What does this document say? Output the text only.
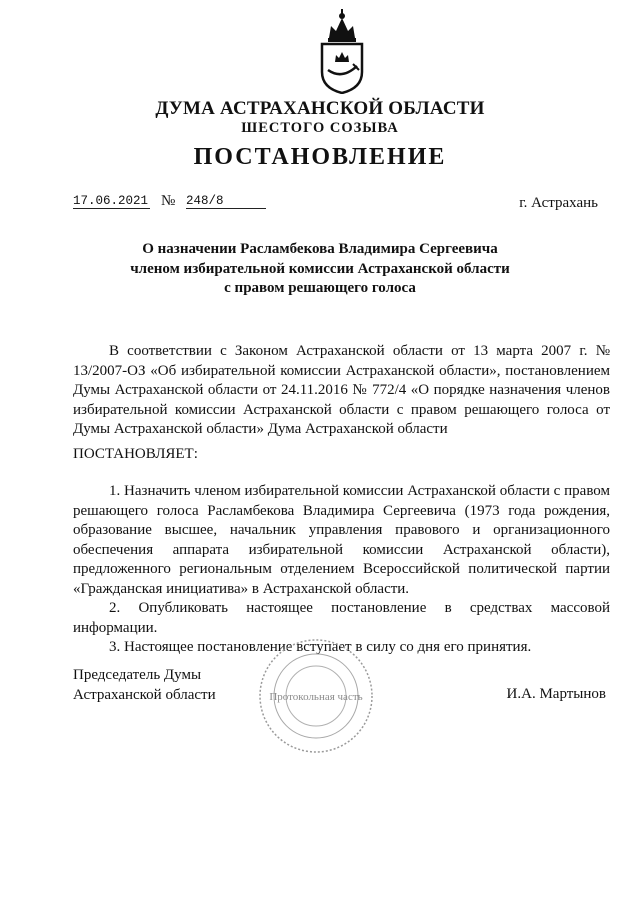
ДУМА АСТРАХАНСКОЙ ОБЛАСТИ
ШЕСТОГО СОЗЫВА
ПОСТАНОВЛЕНИЕ
17.06.2021 № 248/8	г. Астрахань
О назначении Расламбекова Владимира Сергеевича
членом избирательной комиссии Астраханской области
с правом решающего голоса
В соответствии с Законом Астраханской области от 13 марта 2007 г. № 13/2007-ОЗ «Об избирательной комиссии Астраханской области», постановлением Думы Астраханской области от 24.11.2016 № 772/4 «О порядке назначения членов избирательной комиссии Астраханской области с правом решающего голоса от Думы Астраханской области» Дума Астраханской области
ПОСТАНОВЛЯЕТ:

1. Назначить членом избирательной комиссии Астраханской области с правом решающего голоса Расламбекова Владимира Сергеевича (1973 года рождения, образование высшее, начальник управления правового и организационного обеспечения аппарата избирательной комиссии Астраханской области), предложенного региональным отделением Всероссийской политической партии «Гражданская инициатива» в Астраханской области.

2. Опубликовать настоящее постановление в средствах массовой информации.

3. Настоящее постановление вступает в силу со дня его принятия.

Председатель Думы
Астраханской области	Протокольная часть	И.А. Мартынов
